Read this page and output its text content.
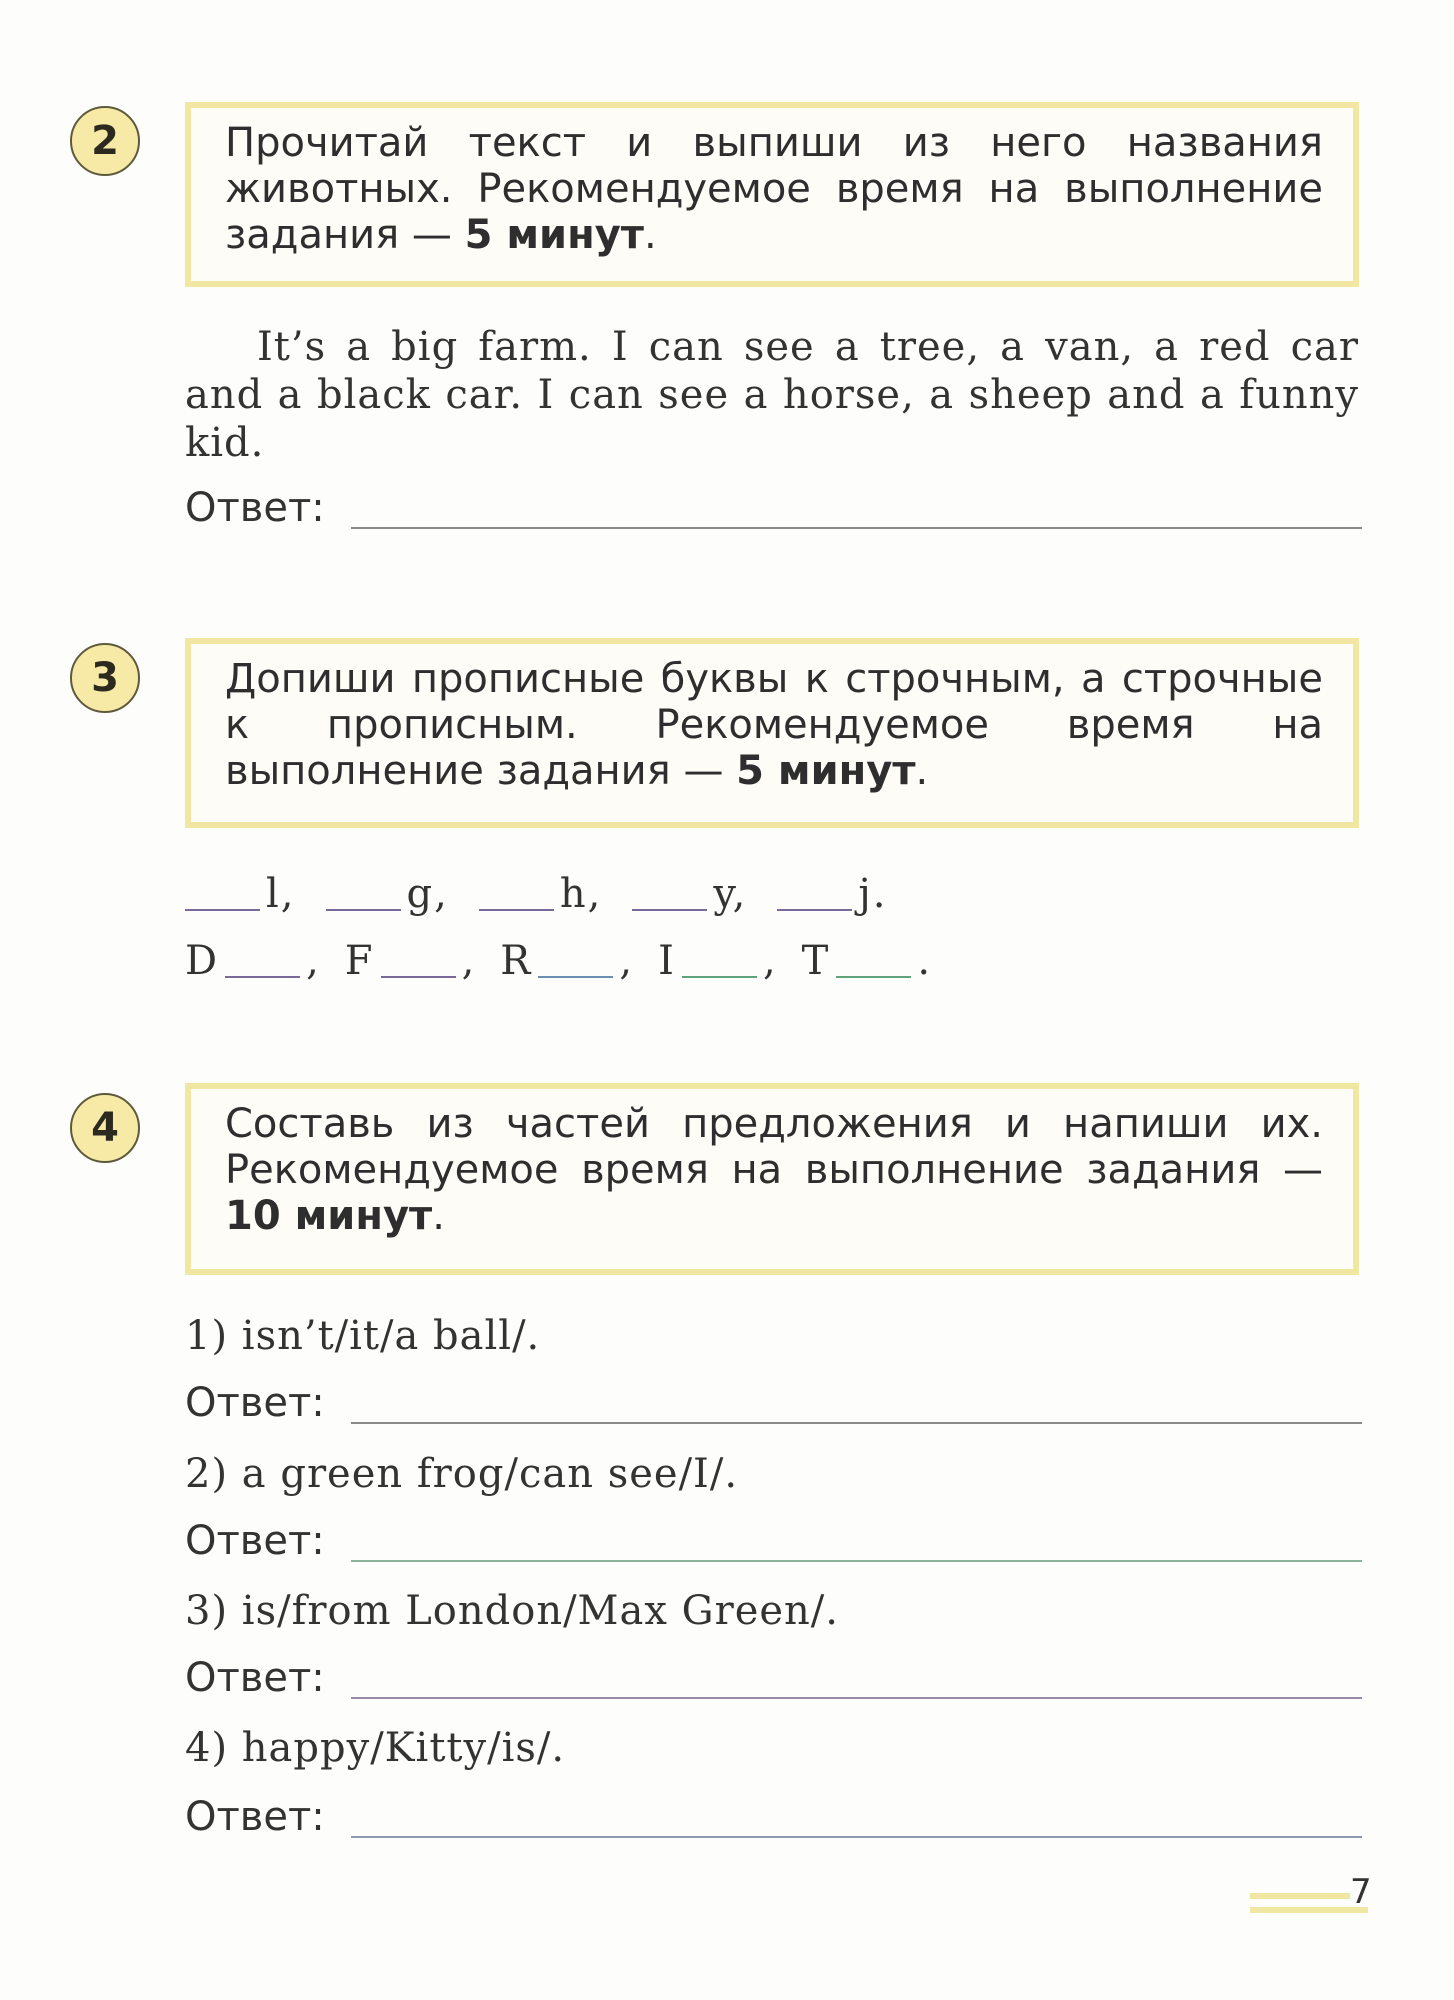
2	Прочитай текст и выпиши из него названия животных. Рекомендуемое время на выполнение задания — 5 минут.
It’s a big farm. I can see a tree, a van, a red car and a black car. I can see a horse, a sheep and a funny kid.
Ответ:
3	Допиши прописные буквы к строчным, а строчные к прописным. Рекомендуемое время на выполнение задания — 5 минут.
l,	g,	h,	y,	j.
D , F , R , I , T .
4	Составь из частей предложения и напиши их. Рекомендуемое время на выполнение задания — 10 минут.
1) isn’t/it/a ball/.
Ответ:
2) a green frog/can see/I/.
Ответ:
3) is/from London/Max Green/.
Ответ:
4) happy/Kitty/is/.
Ответ:
7
